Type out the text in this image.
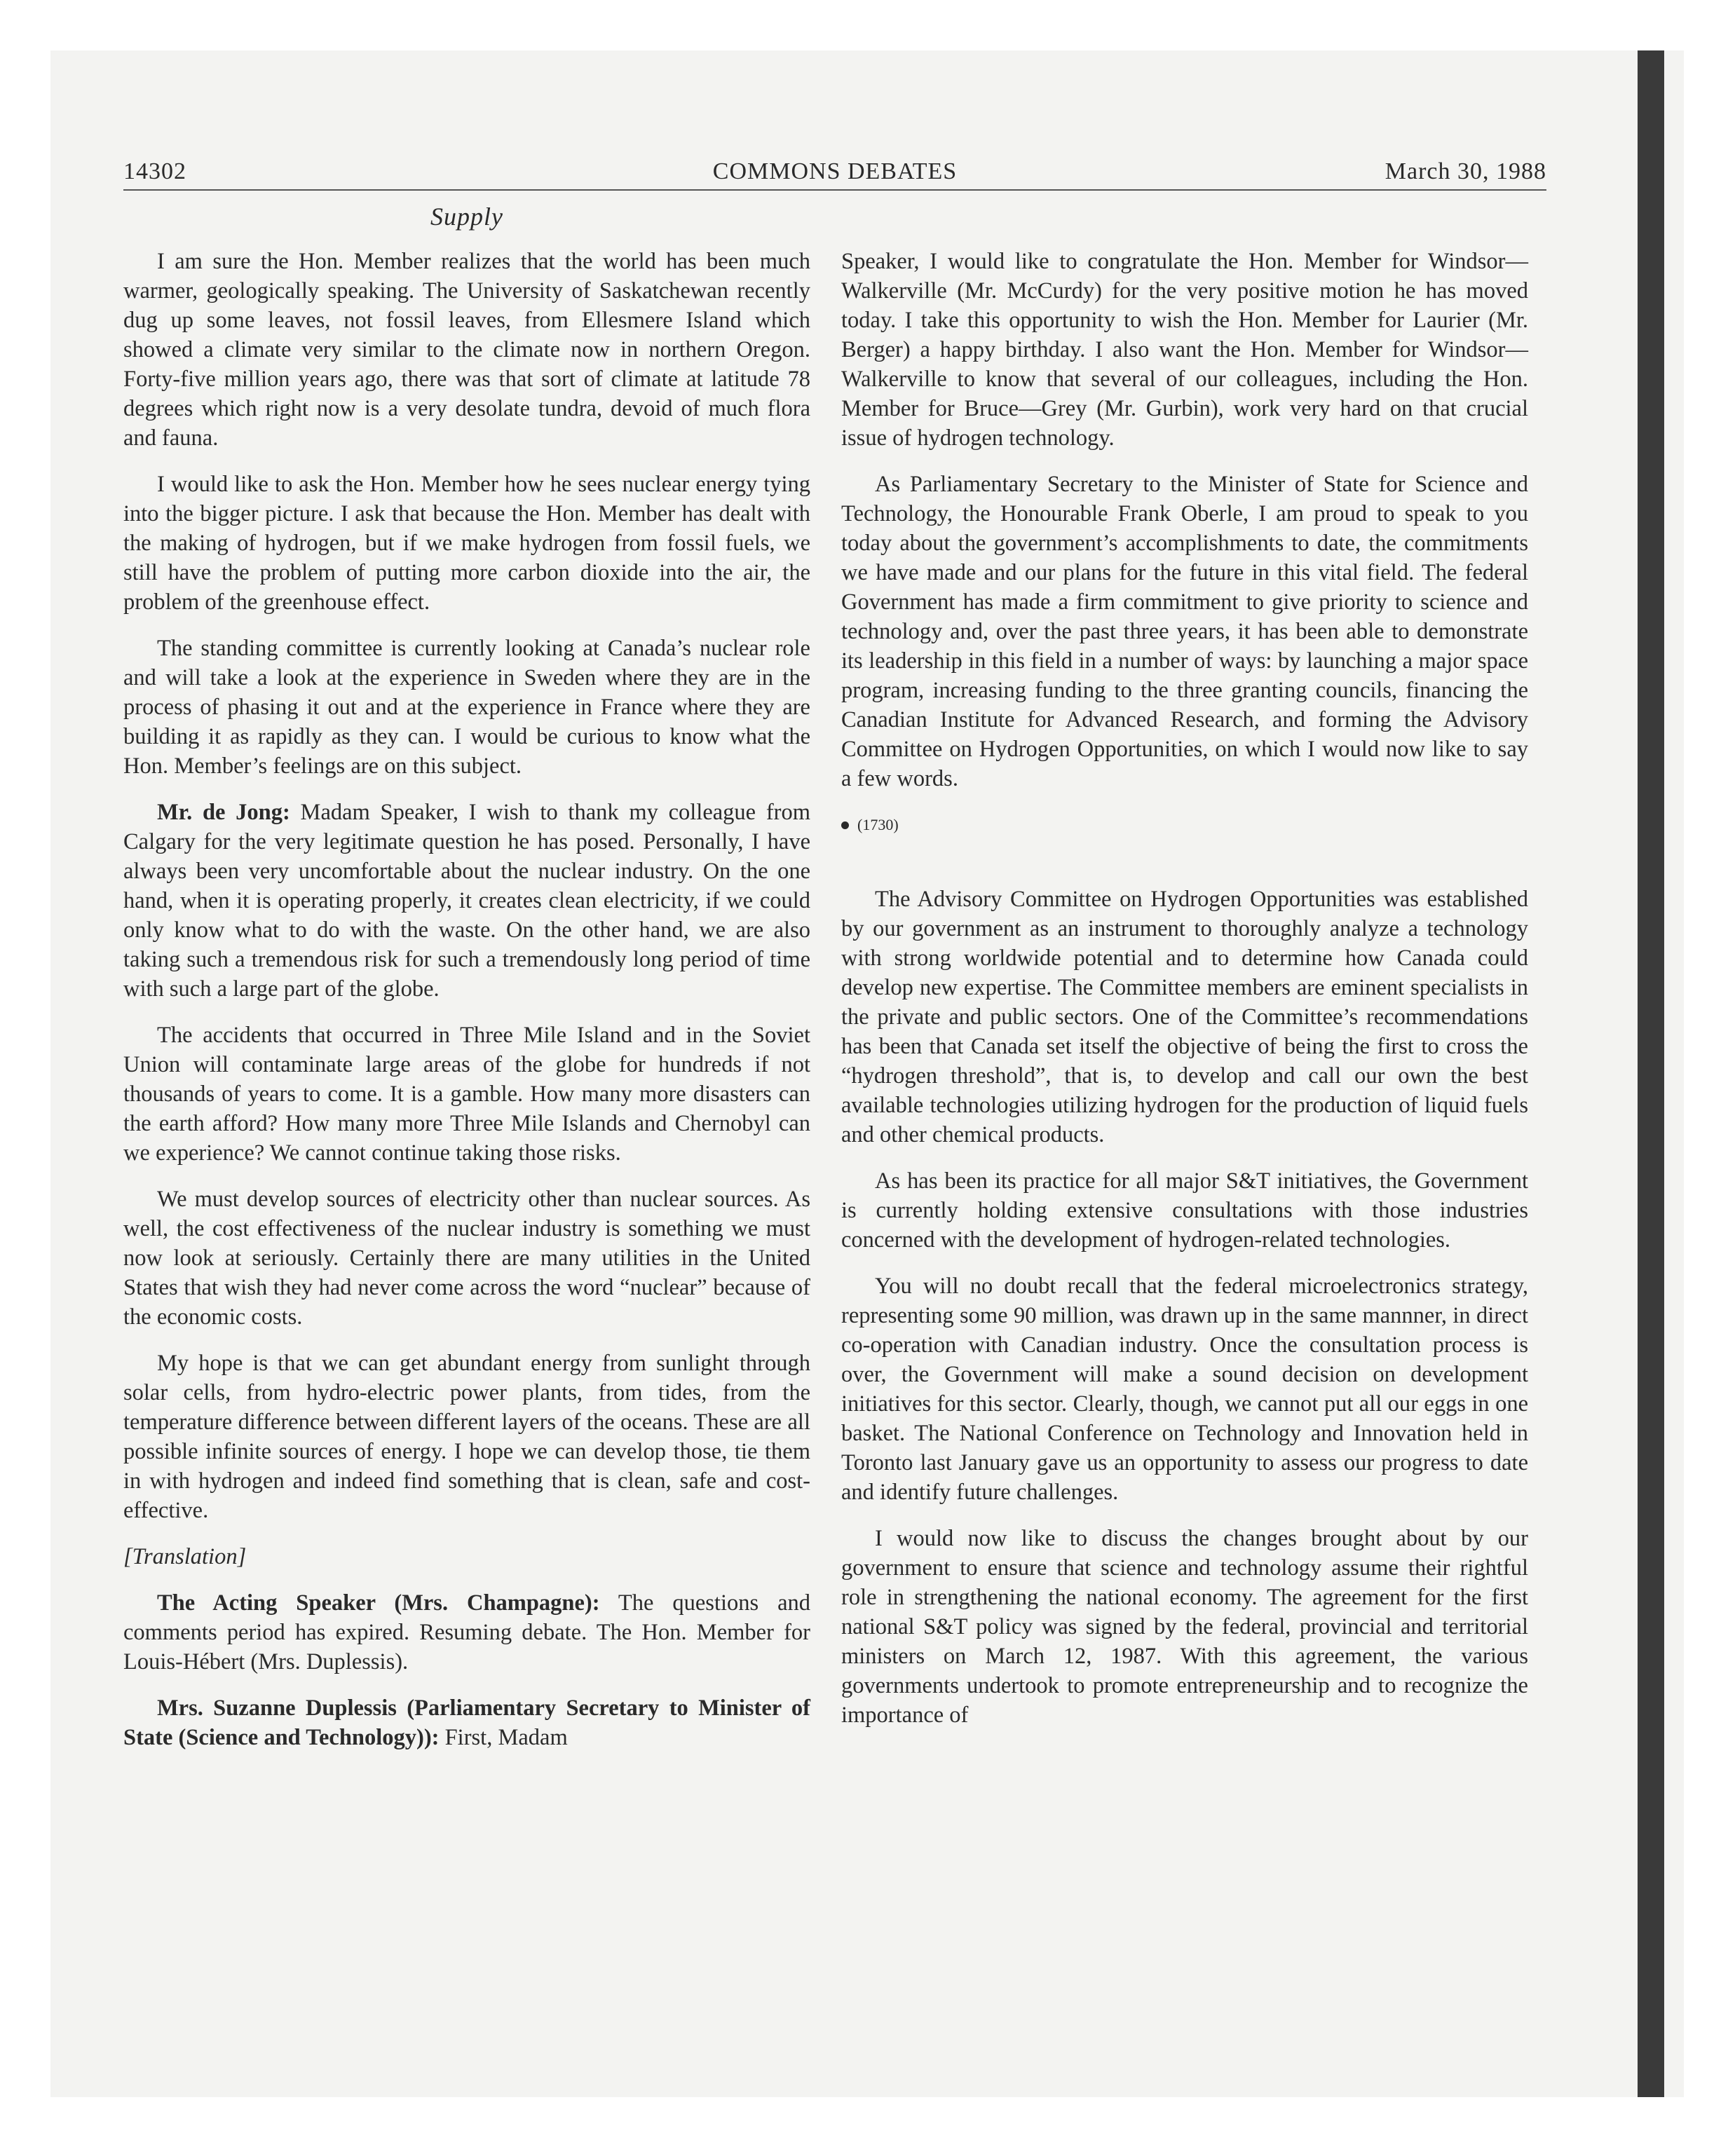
14302	COMMONS DEBATES	March 30, 1988
Supply

I am sure the Hon. Member realizes that the world has been much warmer, geologically speaking. The University of Saskatchewan recently dug up some leaves, not fossil leaves, from Ellesmere Island which showed a climate very similar to the climate now in northern Oregon. Forty-five million years ago, there was that sort of climate at latitude 78 degrees which right now is a very desolate tundra, devoid of much flora and fauna.

I would like to ask the Hon. Member how he sees nuclear energy tying into the bigger picture. I ask that because the Hon. Member has dealt with the making of hydrogen, but if we make hydrogen from fossil fuels, we still have the problem of putting more carbon dioxide into the air, the problem of the greenhouse effect.

The standing committee is currently looking at Canada’s nuclear role and will take a look at the experience in Sweden where they are in the process of phasing it out and at the experience in France where they are building it as rapidly as they can. I would be curious to know what the Hon. Member’s feelings are on this subject.

Mr. de Jong: Madam Speaker, I wish to thank my colleague from Calgary for the very legitimate question he has posed. Personally, I have always been very uncomfortable about the nuclear industry. On the one hand, when it is operating properly, it creates clean electricity, if we could only know what to do with the waste. On the other hand, we are also taking such a tremendous risk for such a tremendously long period of time with such a large part of the globe.

The accidents that occurred in Three Mile Island and in the Soviet Union will contaminate large areas of the globe for hundreds if not thousands of years to come. It is a gamble. How many more disasters can the earth afford? How many more Three Mile Islands and Chernobyl can we experience? We cannot continue taking those risks.

We must develop sources of electricity other than nuclear sources. As well, the cost effectiveness of the nuclear industry is something we must now look at seriously. Certainly there are many utilities in the United States that wish they had never come across the word “nuclear” because of the economic costs.

My hope is that we can get abundant energy from sunlight through solar cells, from hydro-electric power plants, from tides, from the temperature difference between different layers of the oceans. These are all possible infinite sources of energy. I hope we can develop those, tie them in with hydrogen and indeed find something that is clean, safe and cost-effective.

[Translation]

The Acting Speaker (Mrs. Champagne): The questions and comments period has expired. Resuming debate. The Hon. Member for Louis-Hébert (Mrs. Duplessis).

Mrs. Suzanne Duplessis (Parliamentary Secretary to Minister of State (Science and Technology)): First, Madam

Speaker, I would like to congratulate the Hon. Member for Windsor—Walkerville (Mr. McCurdy) for the very positive motion he has moved today. I take this opportunity to wish the Hon. Member for Laurier (Mr. Berger) a happy birthday. I also want the Hon. Member for Windsor—Walkerville to know that several of our colleagues, including the Hon. Member for Bruce—Grey (Mr. Gurbin), work very hard on that crucial issue of hydrogen technology.

As Parliamentary Secretary to the Minister of State for Science and Technology, the Honourable Frank Oberle, I am proud to speak to you today about the government’s accomplishments to date, the commitments we have made and our plans for the future in this vital field. The federal Government has made a firm commitment to give priority to science and technology and, over the past three years, it has been able to demonstrate its leadership in this field in a number of ways: by launching a major space program, increasing funding to the three granting councils, financing the Canadian Institute for Advanced Research, and forming the Advisory Committee on Hydrogen Opportunities, on which I would now like to say a few words.

(1730)

The Advisory Committee on Hydrogen Opportunities was established by our government as an instrument to thoroughly analyze a technology with strong worldwide potential and to determine how Canada could develop new expertise. The Committee members are eminent specialists in the private and public sectors. One of the Committee’s recommendations has been that Canada set itself the objective of being the first to cross the “hydrogen threshold”, that is, to develop and call our own the best available technologies utilizing hydrogen for the production of liquid fuels and other chemical products.

As has been its practice for all major S&T initiatives, the Government is currently holding extensive consultations with those industries concerned with the development of hydrogen-related technologies.

You will no doubt recall that the federal microelectronics strategy, representing some 90 million, was drawn up in the same mannner, in direct co-operation with Canadian industry. Once the consultation process is over, the Government will make a sound decision on development initiatives for this sector. Clearly, though, we cannot put all our eggs in one basket. The National Conference on Technology and Innovation held in Toronto last January gave us an opportunity to assess our progress to date and identify future challenges.

I would now like to discuss the changes brought about by our government to ensure that science and technology assume their rightful role in strengthening the national economy. The agreement for the first national S&T policy was signed by the federal, provincial and territorial ministers on March 12, 1987. With this agreement, the various governments undertook to promote entrepreneurship and to recognize the importance of
